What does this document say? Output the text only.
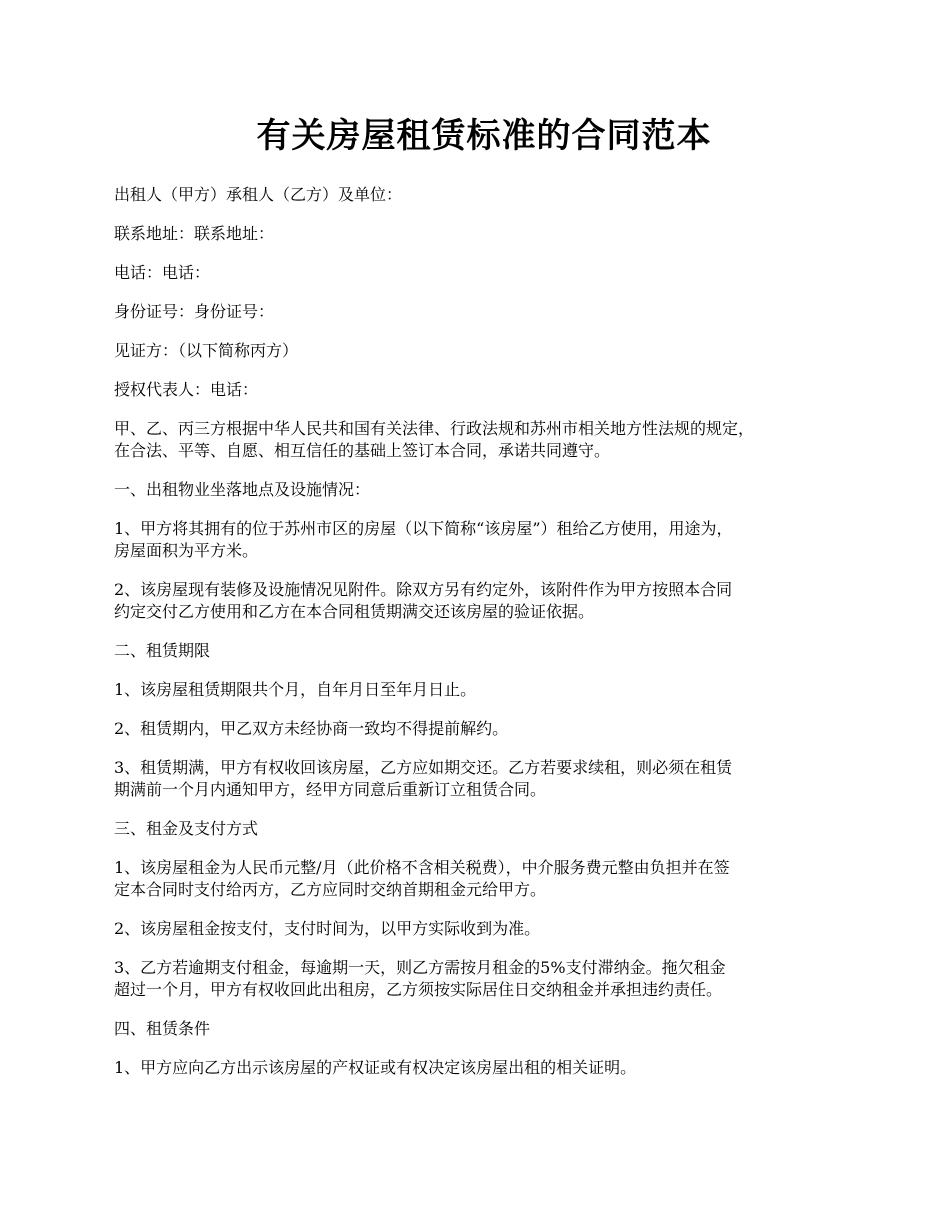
有关房屋租赁标准的合同范本

出租人（甲方）承租人（乙方）及单位：

联系地址：联系地址：

电话：电话：

身份证号：身份证号：

见证方：（以下简称丙方）

授权代表人：电话：

甲、乙、丙三方根据中华人民共和国有关法律、行政法规和苏州市相关地方性法规的规定，
在合法、平等、自愿、相互信任的基础上签订本合同，承诺共同遵守。

一、出租物业坐落地点及设施情况：

1、甲方将其拥有的位于苏州市区的房屋（以下简称“该房屋”）租给乙方使用，用途为，
房屋面积为平方米。

2、该房屋现有装修及设施情况见附件。除双方另有约定外，该附件作为甲方按照本合同
约定交付乙方使用和乙方在本合同租赁期满交还该房屋的验证依据。

二、租赁期限

1、该房屋租赁期限共个月，自年月日至年月日止。

2、租赁期内，甲乙双方未经协商一致均不得提前解约。

3、租赁期满，甲方有权收回该房屋，乙方应如期交还。乙方若要求续租，则必须在租赁
期满前一个月内通知甲方，经甲方同意后重新订立租赁合同。

三、租金及支付方式

1、该房屋租金为人民币元整/月（此价格不含相关税费），中介服务费元整由负担并在签
定本合同时支付给丙方，乙方应同时交纳首期租金元给甲方。

2、该房屋租金按支付，支付时间为，以甲方实际收到为准。

3、乙方若逾期支付租金，每逾期一天，则乙方需按月租金的5%支付滞纳金。拖欠租金
超过一个月，甲方有权收回此出租房，乙方须按实际居住日交纳租金并承担违约责任。

四、租赁条件

1、甲方应向乙方出示该房屋的产权证或有权决定该房屋出租的相关证明。
